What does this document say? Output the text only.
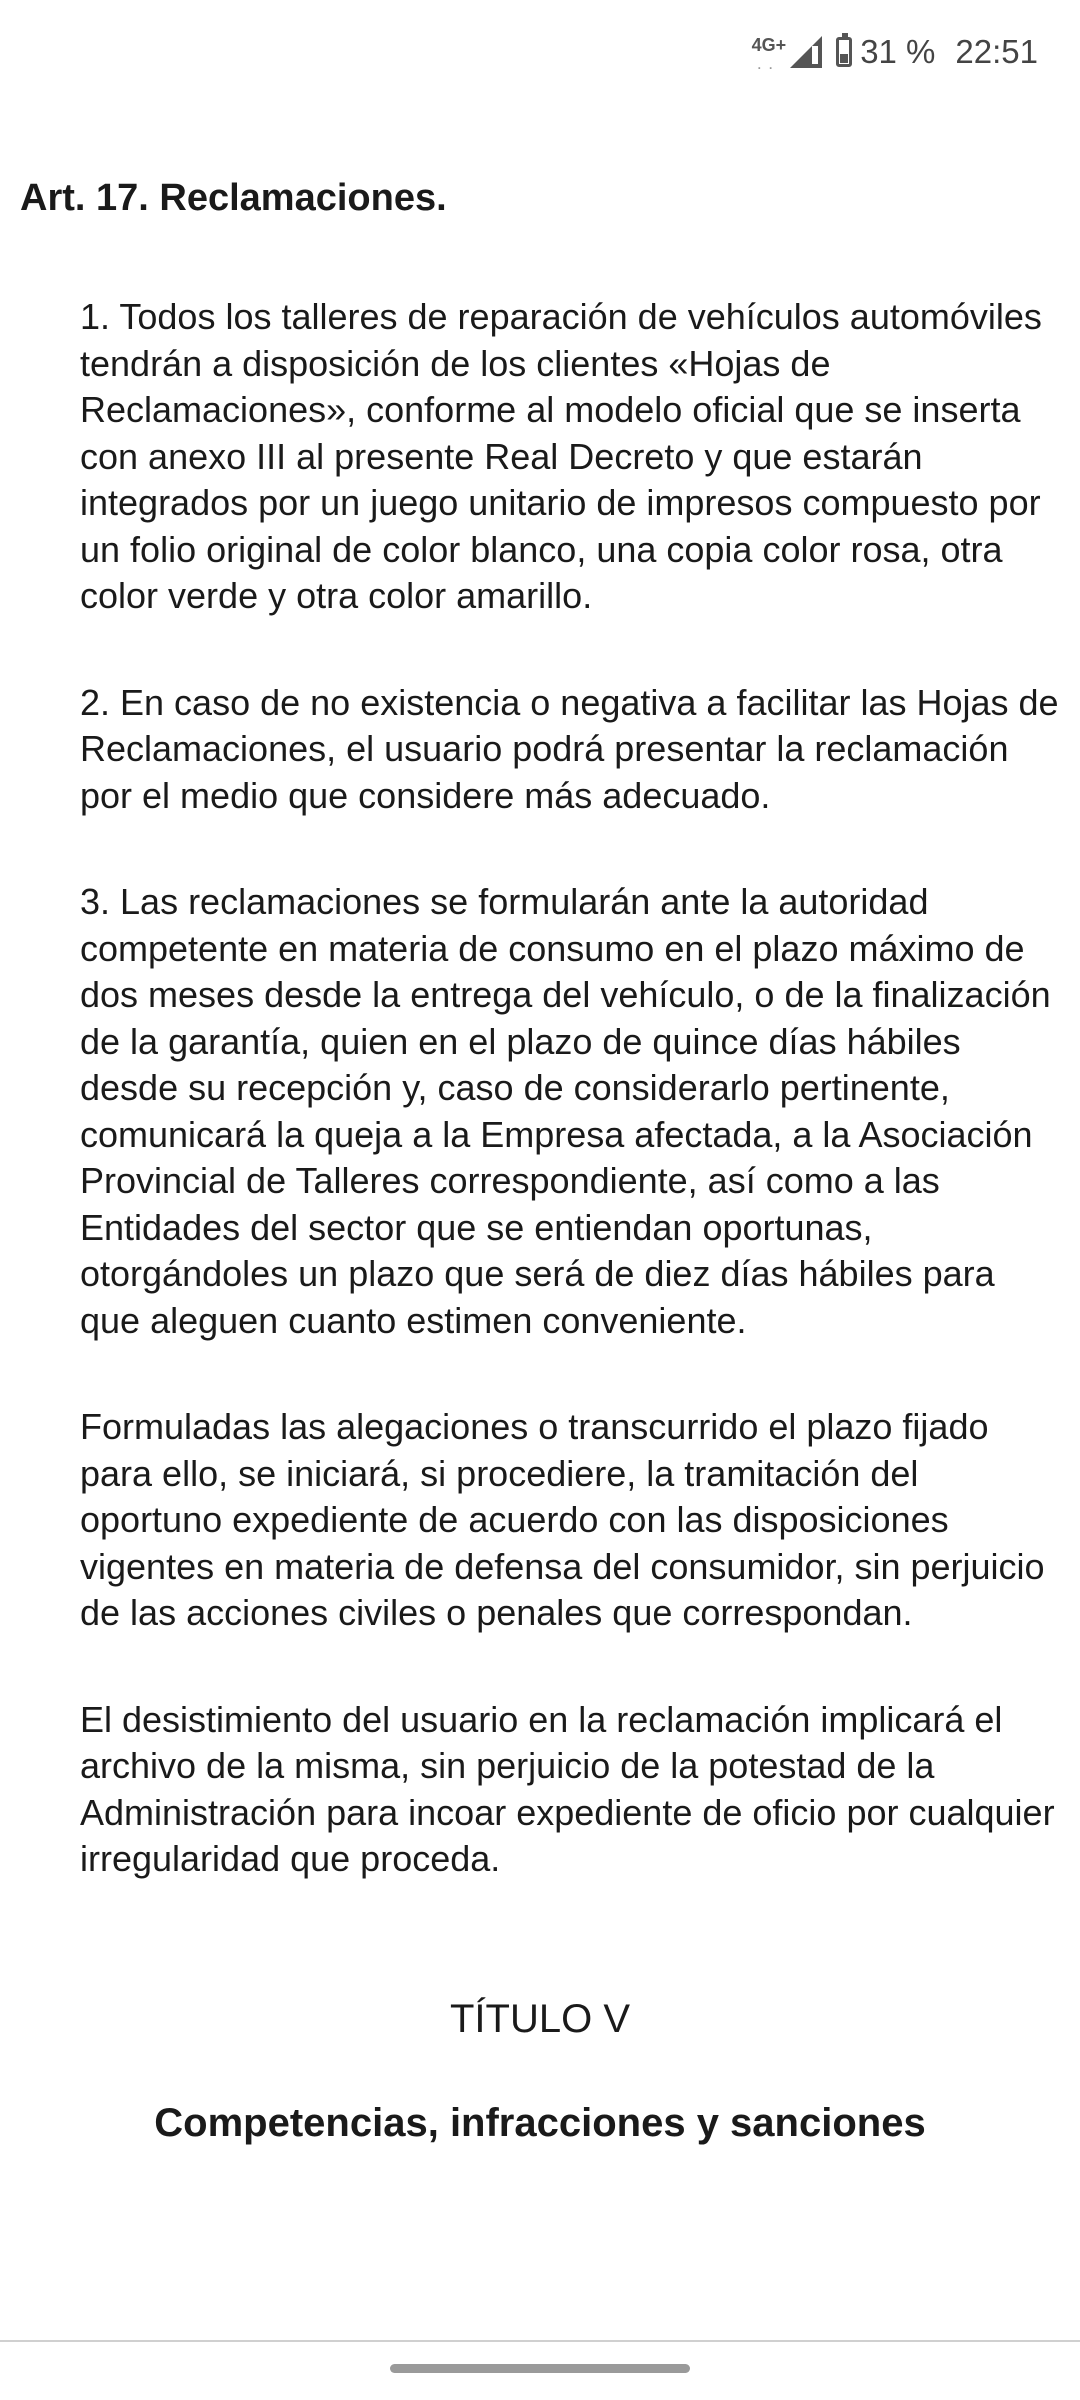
4G+
· ·	31 % 22:51
Art. 17. Reclamaciones.

1. Todos los talleres de reparación de vehículos automóviles tendrán a disposición de los clientes «Hojas de Reclamaciones», conforme al modelo oficial que se inserta con anexo III al presente Real Decreto y que estarán integrados por un juego unitario de impresos compuesto por un folio original de color blanco, una copia color rosa, otra color verde y otra color amarillo.

2. En caso de no existencia o negativa a facilitar las Hojas de Reclamaciones, el usuario podrá presentar la reclamación por el medio que considere más adecuado.

3. Las reclamaciones se formularán ante la autoridad competente en materia de consumo en el plazo máximo de dos meses desde la entrega del vehículo, o de la finalización de la garantía, quien en el plazo de quince días hábiles desde su recepción y, caso de considerarlo pertinente, comunicará la queja a la Empresa afectada, a la Asociación Provincial de Talleres correspondiente, así como a las Entidades del sector que se entiendan oportunas, otorgándoles un plazo que será de diez días hábiles para que aleguen cuanto estimen conveniente.

Formuladas las alegaciones o transcurrido el plazo fijado para ello, se iniciará, si procediere, la tramitación del oportuno expediente de acuerdo con las disposiciones vigentes en materia de defensa del consumidor, sin perjuicio de las acciones civiles o penales que correspondan.

El desistimiento del usuario en la reclamación implicará el archivo de la misma, sin perjuicio de la potestad de la Administración para incoar expediente de oficio por cualquier irregularidad que proceda.

TÍTULO V
Competencias, infracciones y sanciones
